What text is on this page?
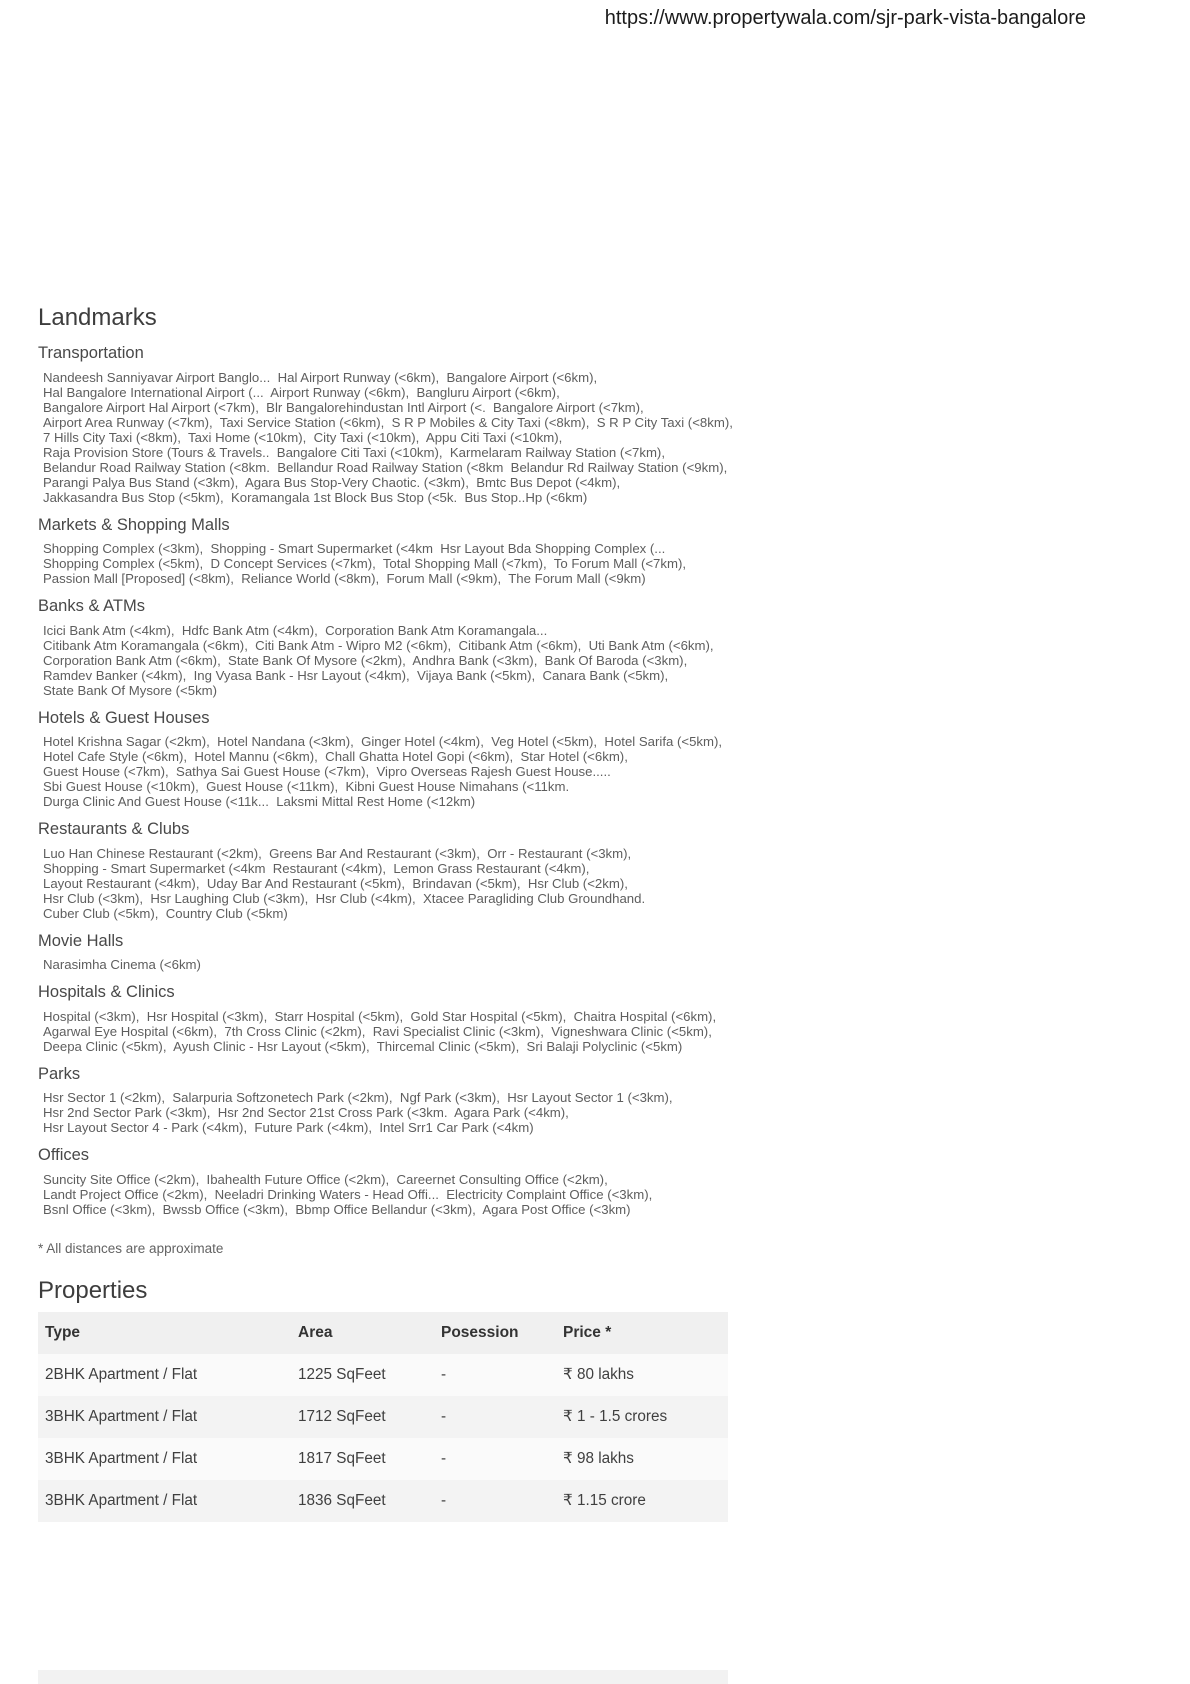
https://www.propertywala.com/sjr-park-vista-bangalore
Landmarks
Transportation
Nandeesh Sanniyavar Airport Banglo...  Hal Airport Runway (<6km),  Bangalore Airport (<6km),
Hal Bangalore International Airport (...  Airport Runway (<6km),  Bangluru Airport (<6km),
Bangalore Airport Hal Airport (<7km),  Blr Bangalorehindustan Intl Airport (<.  Bangalore Airport (<7km),
Airport Area Runway (<7km),  Taxi Service Station (<6km),  S R P Mobiles & City Taxi (<8km),  S R P City Taxi (<8km),
7 Hills City Taxi (<8km),  Taxi Home (<10km),  City Taxi (<10km),  Appu Citi Taxi (<10km),
Raja Provision Store (Tours & Travels..  Bangalore Citi Taxi (<10km),  Karmelaram Railway Station (<7km),
Belandur Road Railway Station (<8km.  Bellandur Road Railway Station (<8km  Belandur Rd Railway Station (<9km),
Parangi Palya Bus Stand (<3km),  Agara Bus Stop-Very Chaotic. (<3km),  Bmtc Bus Depot (<4km),
Jakkasandra Bus Stop (<5km),  Koramangala 1st Block Bus Stop (<5k.  Bus Stop..Hp (<6km)
Markets & Shopping Malls
Shopping Complex (<3km),  Shopping - Smart Supermarket (<4km  Hsr Layout Bda Shopping Complex (...
Shopping Complex (<5km),  D Concept Services (<7km),  Total Shopping Mall (<7km),  To Forum Mall (<7km),
Passion Mall [Proposed] (<8km),  Reliance World (<8km),  Forum Mall (<9km),  The Forum Mall (<9km)
Banks & ATMs
Icici Bank Atm (<4km),  Hdfc Bank Atm (<4km),  Corporation Bank Atm Koramangala...
Citibank Atm Koramangala (<6km),  Citi Bank Atm - Wipro M2 (<6km),  Citibank Atm (<6km),  Uti Bank Atm (<6km),
Corporation Bank Atm (<6km),  State Bank Of Mysore (<2km),  Andhra Bank (<3km),  Bank Of Baroda (<3km),
Ramdev Banker (<4km),  Ing Vyasa Bank - Hsr Layout (<4km),  Vijaya Bank (<5km),  Canara Bank (<5km),
State Bank Of Mysore (<5km)
Hotels & Guest Houses
Hotel Krishna Sagar (<2km),  Hotel Nandana (<3km),  Ginger Hotel (<4km),  Veg Hotel (<5km),  Hotel Sarifa (<5km),
Hotel Cafe Style (<6km),  Hotel Mannu (<6km),  Chall Ghatta Hotel Gopi (<6km),  Star Hotel (<6km),
Guest House (<7km),  Sathya Sai Guest House (<7km),  Vipro Overseas Rajesh Guest House.....
Sbi Guest House (<10km),  Guest House (<11km),  Kibni Guest House Nimahans (<11km.
Durga Clinic And Guest House (<11k...  Laksmi Mittal Rest Home (<12km)
Restaurants & Clubs
Luo Han Chinese Restaurant (<2km),  Greens Bar And Restaurant (<3km),  Orr - Restaurant (<3km),
Shopping - Smart Supermarket (<4km  Restaurant (<4km),  Lemon Grass Restaurant (<4km),
Layout Restaurant (<4km),  Uday Bar And Restaurant (<5km),  Brindavan (<5km),  Hsr Club (<2km),
Hsr Club (<3km),  Hsr Laughing Club (<3km),  Hsr Club (<4km),  Xtacee Paragliding Club Groundhand.
Cuber Club (<5km),  Country Club (<5km)
Movie Halls
Narasimha Cinema (<6km)
Hospitals & Clinics
Hospital (<3km),  Hsr Hospital (<3km),  Starr Hospital (<5km),  Gold Star Hospital (<5km),  Chaitra Hospital (<6km),
Agarwal Eye Hospital (<6km),  7th Cross Clinic (<2km),  Ravi Specialist Clinic (<3km),  Vigneshwara Clinic (<5km),
Deepa Clinic (<5km),  Ayush Clinic - Hsr Layout (<5km),  Thircemal Clinic (<5km),  Sri Balaji Polyclinic (<5km)
Parks
Hsr Sector 1 (<2km),  Salarpuria Softzonetech Park (<2km),  Ngf Park (<3km),  Hsr Layout Sector 1 (<3km),
Hsr 2nd Sector Park (<3km),  Hsr 2nd Sector 21st Cross Park (<3km.  Agara Park (<4km),
Hsr Layout Sector 4 - Park (<4km),  Future Park (<4km),  Intel Srr1 Car Park (<4km)
Offices
Suncity Site Office (<2km),  Ibahealth Future Office (<2km),  Careernet Consulting Office (<2km),
Landt Project Office (<2km),  Neeladri Drinking Waters - Head Offi...  Electricity Complaint Office (<3km),
Bsnl Office (<3km),  Bwssb Office (<3km),  Bbmp Office Bellandur (<3km),  Agara Post Office (<3km)

* All distances are approximate

Properties
Type	Area	Posession	Price *
2BHK Apartment / Flat	1225 SqFeet	-	₹ 80 lakhs
3BHK Apartment / Flat	1712 SqFeet	-	₹ 1 - 1.5 crores
3BHK Apartment / Flat	1817 SqFeet	-	₹ 98 lakhs
3BHK Apartment / Flat	1836 SqFeet	-	₹ 1.15 crore
